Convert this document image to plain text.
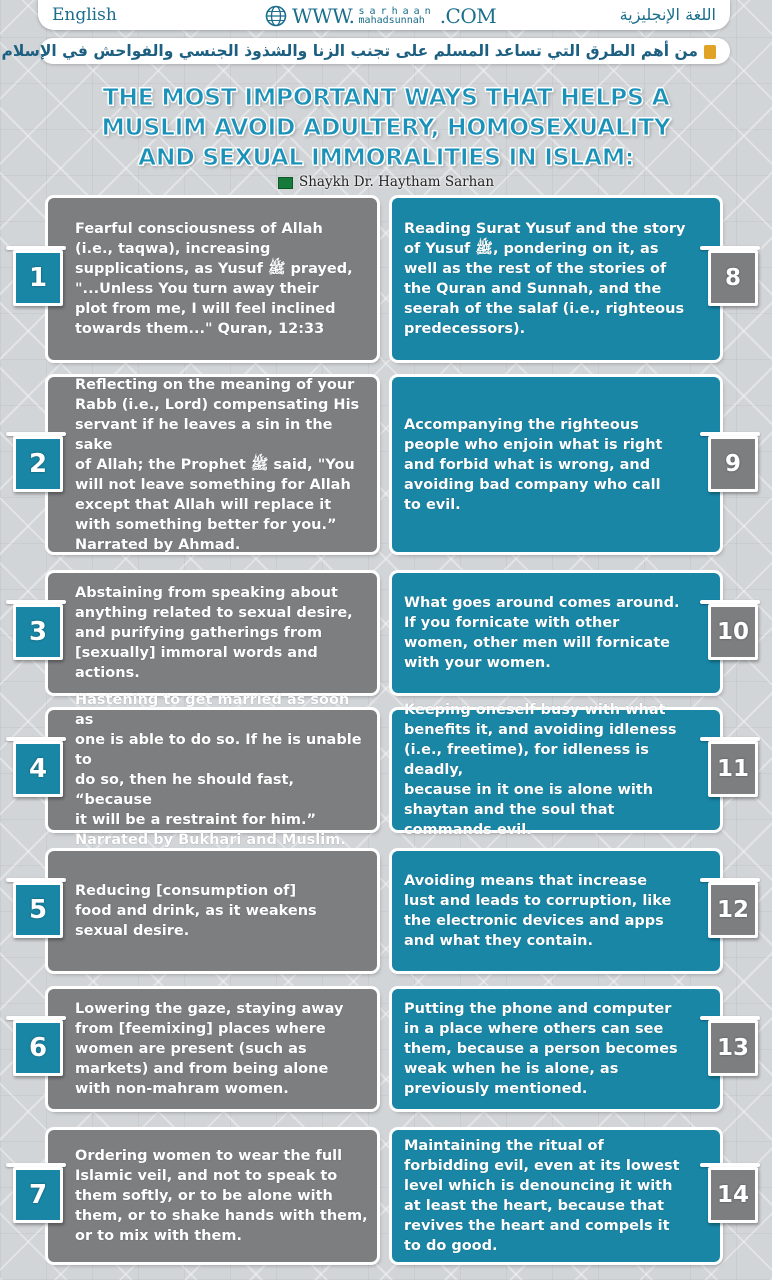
English	WWW. sarhaan
mahadsunnah .COM	اللغة الإنجليزية
من أهم الطرق التي تساعد المسلم على تجنب الزنا والشذوذ الجنسي والفواحش في الإسلام
THE MOST IMPORTANT WAYS THAT HELPS A
MUSLIM AVOID ADULTERY, HOMOSEXUALITY
AND SEXUAL IMMORALITIES IN ISLAM:
Shaykh Dr. Haytham Sarhan
Fearful consciousness of Allah
(i.e., taqwa), increasing
supplications, as Yusuf ﷺ prayed,
"...Unless You turn away their
plot from me, I will feel inclined
towards them..." Quran, 12:33
1
Reflecting on the meaning of your
Rabb (i.e., Lord) compensating His
servant if he leaves a sin in the sake
of Allah; the Prophet ﷺ said, "You
will not leave something for Allah
except that Allah will replace it
with something better for you.”
Narrated by Ahmad.
2
Abstaining from speaking about
anything related to sexual desire,
and purifying gatherings from
[sexually] immoral words and
actions.
3
Hastening to get married as soon as
one is able to do so. If he is unable to
do so, then he should fast, “because
it will be a restraint for him.”
Narrated by Bukhari and Muslim.
4
Reducing [consumption of]
food and drink, as it weakens
sexual desire.
5
Lowering the gaze, staying away
from [feemixing] places where
women are present (such as
markets) and from being alone
with non-mahram women.
6
Ordering women to wear the full
Islamic veil, and not to speak to
them softly, or to be alone with
them, or to shake hands with them,
or to mix with them.
7
Reading Surat Yusuf and the story
of Yusuf ﷺ, pondering on it, as
well as the rest of the stories of
the Quran and Sunnah, and the
seerah of the salaf (i.e., righteous
predecessors).
8
Accompanying the righteous
people who enjoin what is right
and forbid what is wrong, and
avoiding bad company who call
to evil.
9
What goes around comes around.
If you fornicate with other
women, other men will fornicate
with your women.
10
Keeping oneself busy with what
benefits it, and avoiding idleness
(i.e., freetime), for idleness is deadly,
because in it one is alone with
shaytan and the soul that
commands evil.
11
Avoiding means that increase
lust and leads to corruption, like
the electronic devices and apps
and what they contain.
12
Putting the phone and computer
in a place where others can see
them, because a person becomes
weak when he is alone, as
previously mentioned.
13
Maintaining the ritual of
forbidding evil, even at its lowest
level which is denouncing it with
at least the heart, because that
revives the heart and compels it
to do good.
14
